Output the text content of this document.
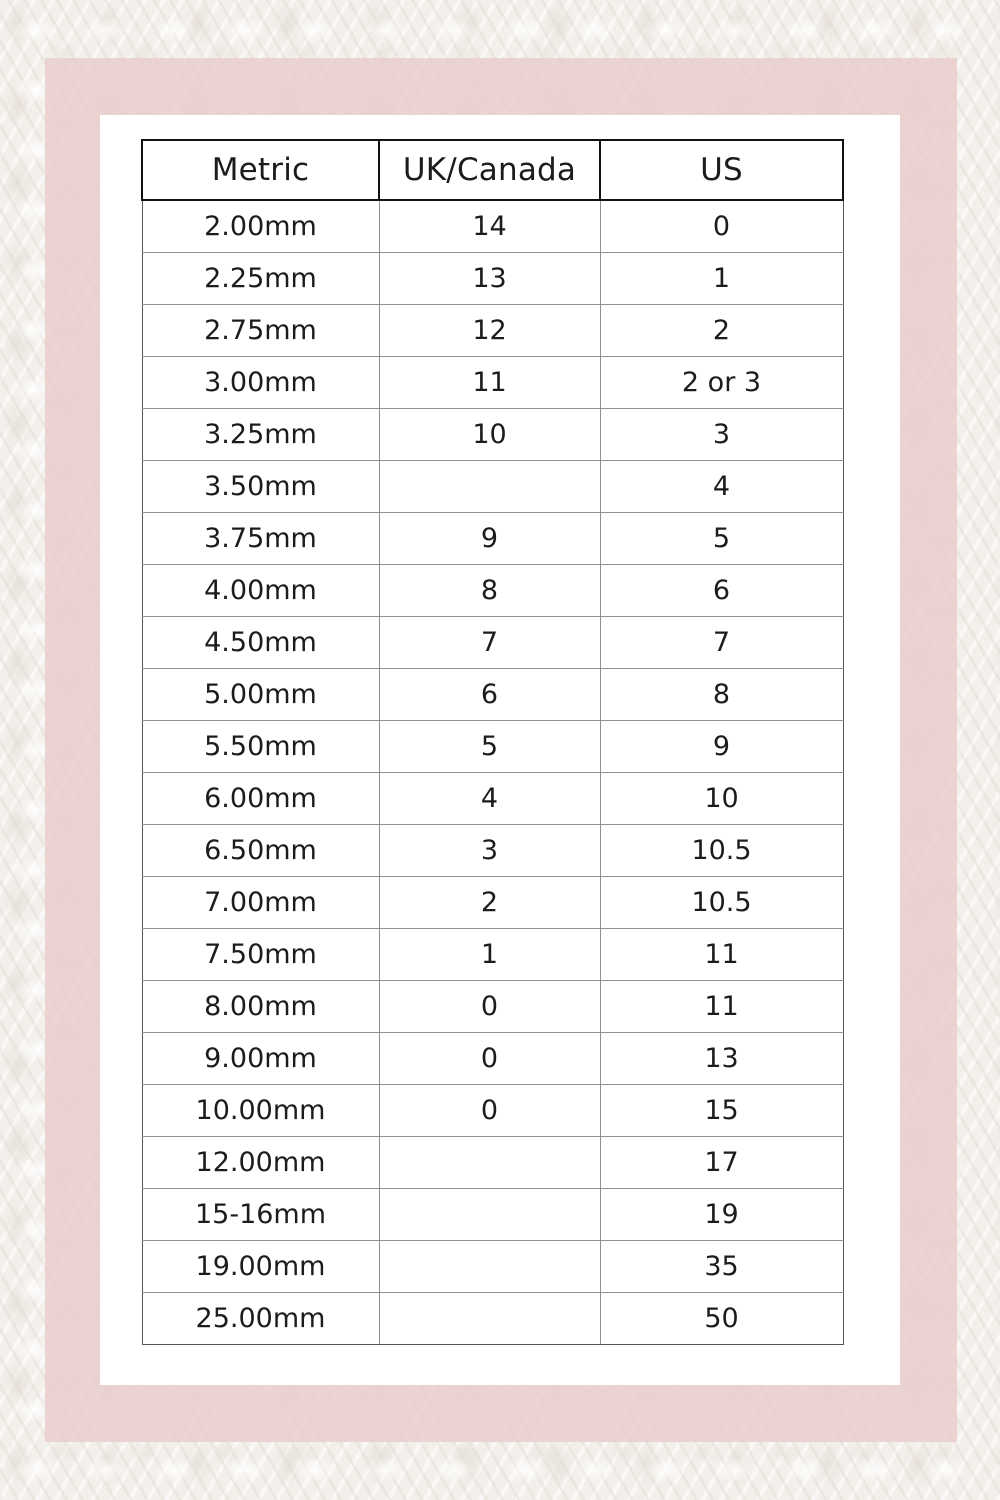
Metric	UK/Canada	US
2.00mm	14	0
2.25mm	13	1
2.75mm	12	2
3.00mm	11	2 or 3
3.25mm	10	3
3.50mm		4
3.75mm	9	5
4.00mm	8	6
4.50mm	7	7
5.00mm	6	8
5.50mm	5	9
6.00mm	4	10
6.50mm	3	10.5
7.00mm	2	10.5
7.50mm	1	11
8.00mm	0	11
9.00mm	0	13
10.00mm	0	15
12.00mm		17
15-16mm		19
19.00mm		35
25.00mm		50
